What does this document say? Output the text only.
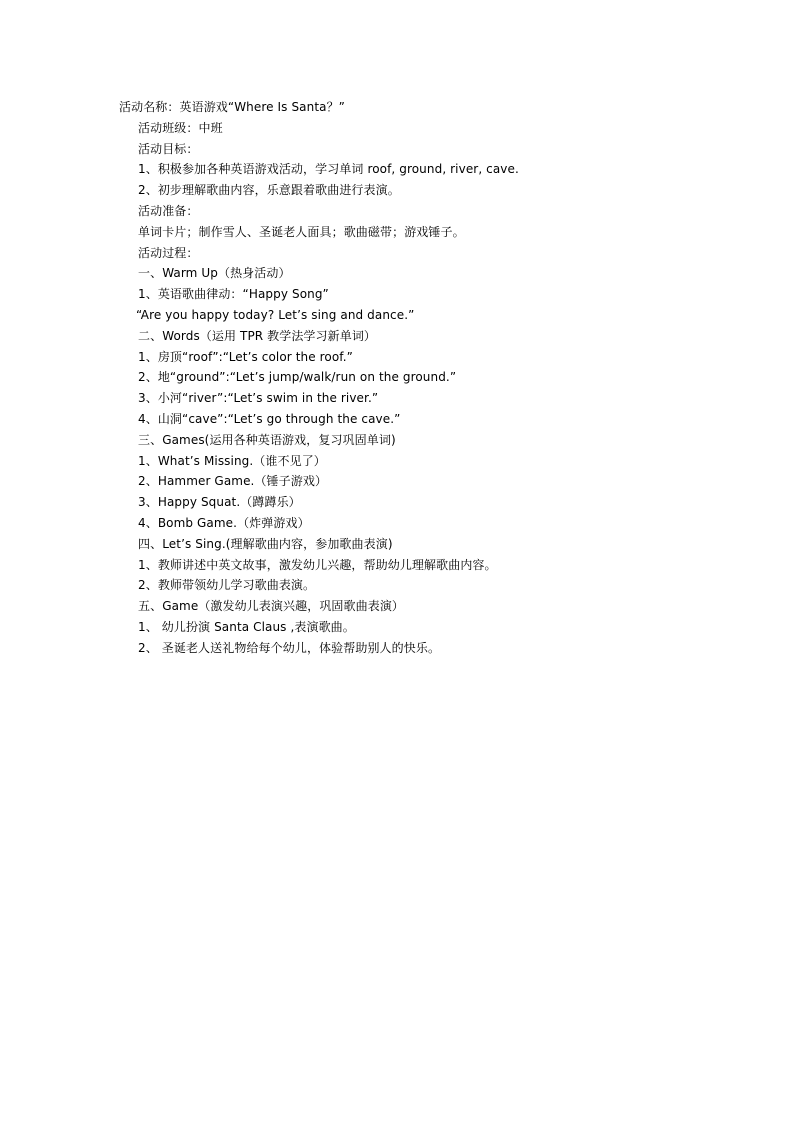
活动名称：英语游戏“Where Is Santa？”
活动班级：中班
活动目标：
1、积极参加各种英语游戏活动，学习单词 roof, ground, river, cave.
2、初步理解歌曲内容，乐意跟着歌曲进行表演。
活动准备：
单词卡片；制作雪人、圣诞老人面具；歌曲磁带；游戏锤子。
活动过程：
一、Warm Up（热身活动）
1、英语歌曲律动：“Happy Song”
“Are you happy today? Let’s sing and dance.”
二、Words（运用 TPR 教学法学习新单词）
1、房顶“roof”:“Let’s color the roof.”
2、地“ground”:“Let’s jump/walk/run on the ground.”
3、小河“river”:“Let’s swim in the river.”
4、山洞“cave”:“Let’s go through the cave.”
三、Games(运用各种英语游戏，复习巩固单词)
1、What’s Missing.（谁不见了）
2、Hammer Game.（锤子游戏）
3、Happy Squat.（蹲蹲乐）
4、Bomb Game.（炸弹游戏）
四、Let’s Sing.(理解歌曲内容，参加歌曲表演)
1、教师讲述中英文故事，激发幼儿兴趣，帮助幼儿理解歌曲内容。
2、教师带领幼儿学习歌曲表演。
五、Game（激发幼儿表演兴趣，巩固歌曲表演）
1、 幼儿扮演 Santa Claus ,表演歌曲。
2、 圣诞老人送礼物给每个幼儿，体验帮助别人的快乐。
